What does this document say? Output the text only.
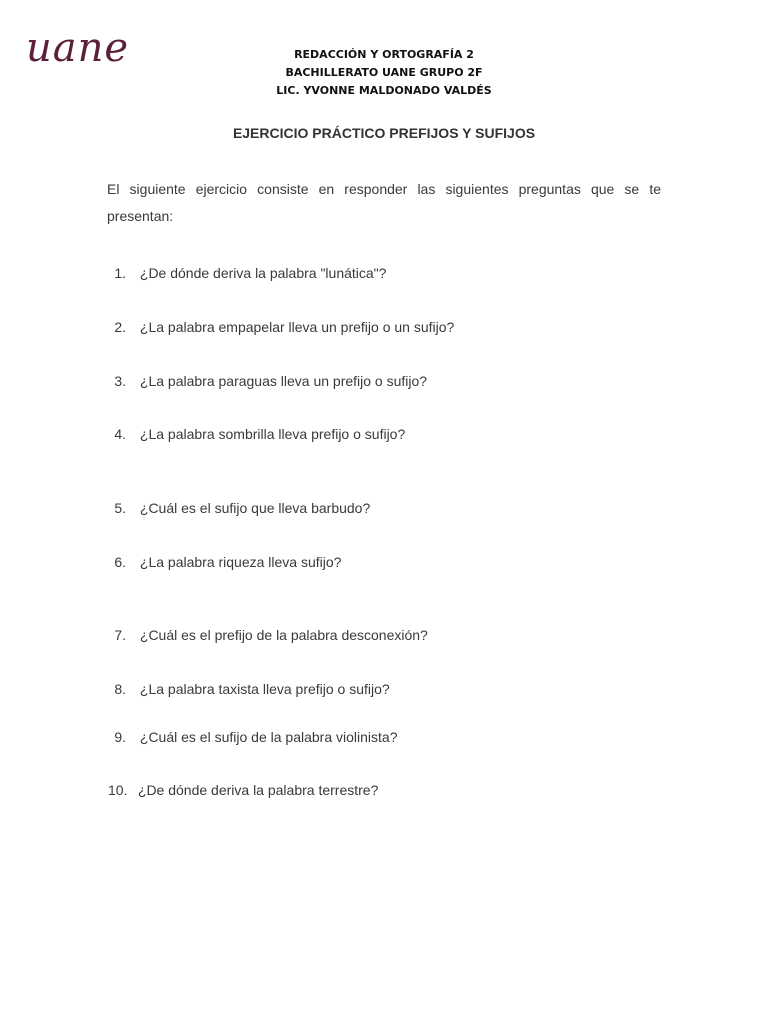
uane	REDACCIÓN Y ORTOGRAFÍA 2
BACHILLERATO UANE GRUPO 2F
LIC. YVONNE MALDONADO VALDÉS
EJERCICIO PRÁCTICO PREFIJOS Y SUFIJOS
El siguiente ejercicio consiste en responder las siguientes preguntas que se te presentan:
1. ¿De dónde deriva la palabra "lunática"?
2. ¿La palabra empapelar lleva un prefijo o un sufijo?
3. ¿La palabra paraguas lleva un prefijo o sufijo?
4. ¿La palabra sombrilla lleva prefijo o sufijo?
5. ¿Cuál es el sufijo que lleva barbudo?
6. ¿La palabra riqueza lleva sufijo?
7. ¿Cuál es el prefijo de la palabra desconexión?
8. ¿La palabra taxista lleva prefijo o sufijo?
9. ¿Cuál es el sufijo de la palabra violinista?
10. ¿De dónde deriva la palabra terrestre?
